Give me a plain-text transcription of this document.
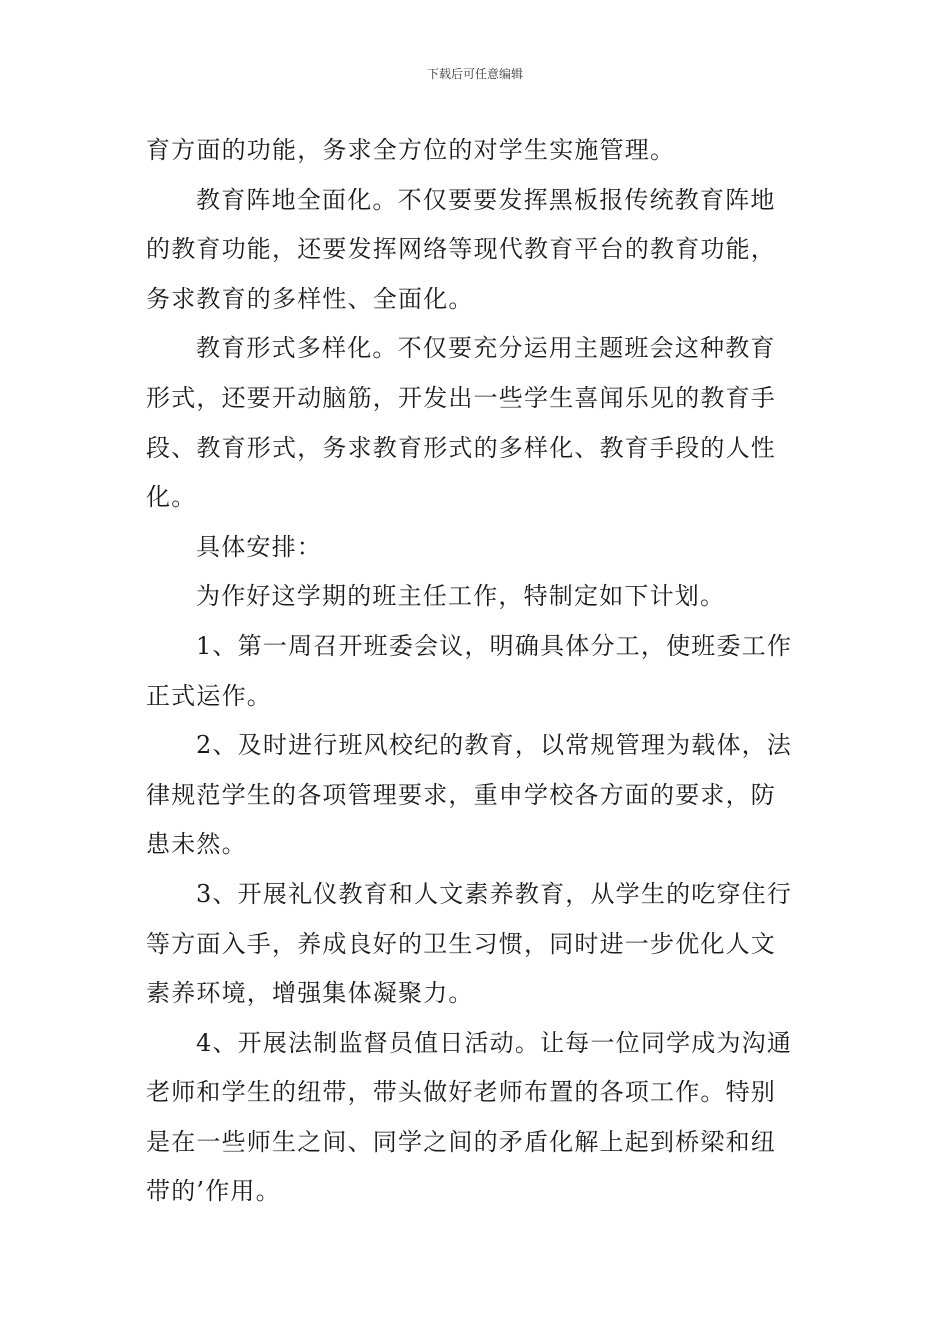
下载后可任意编辑
育方面的功能，务求全方位的对学生实施管理。
教育阵地全面化。不仅要要发挥黑板报传统教育阵地
的教育功能，还要发挥网络等现代教育平台的教育功能，
务求教育的多样性、全面化。
教育形式多样化。不仅要充分运用主题班会这种教育
形式，还要开动脑筋，开发出一些学生喜闻乐见的教育手
段、教育形式，务求教育形式的多样化、教育手段的人性
化。
具体安排：
为作好这学期的班主任工作，特制定如下计划。
1、第一周召开班委会议，明确具体分工，使班委工作
正式运作。
2、及时进行班风校纪的教育，以常规管理为载体，法
律规范学生的各项管理要求，重申学校各方面的要求，防
患未然。
3、开展礼仪教育和人文素养教育，从学生的吃穿住行
等方面入手，养成良好的卫生习惯，同时进一步优化人文
素养环境，增强集体凝聚力。
4、开展法制监督员值日活动。让每一位同学成为沟通
老师和学生的纽带，带头做好老师布置的各项工作。特别
是在一些师生之间、同学之间的矛盾化解上起到桥梁和纽
带的’作用。
